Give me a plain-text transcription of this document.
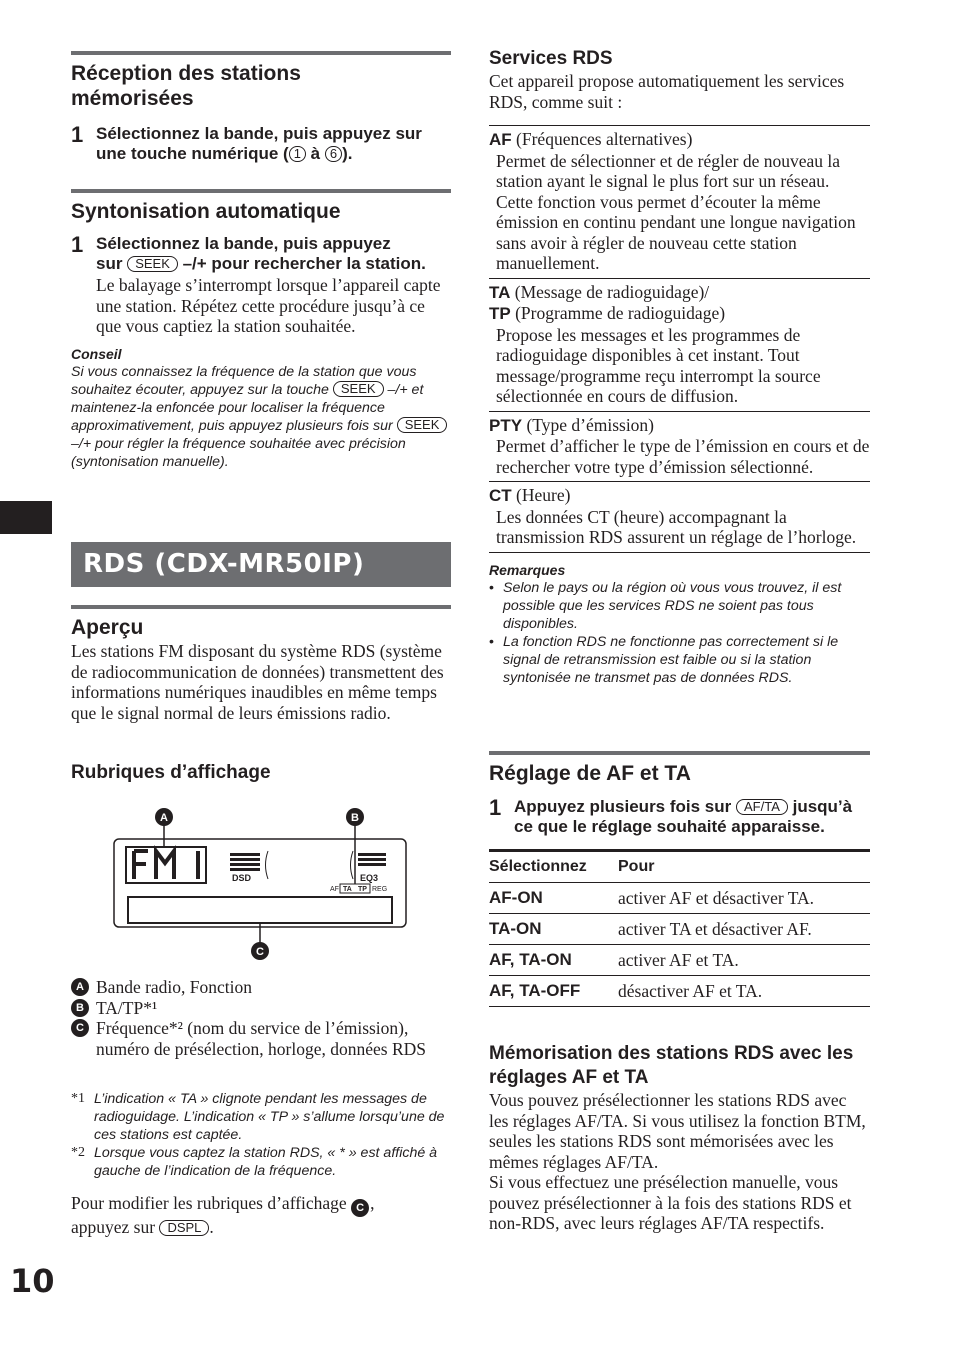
Réception des stations
mémorisées
1 Sélectionnez la bande, puis appuyez sur une touche numérique ( 1 à 6 ).
Syntonisation automatique
1 Sélectionnez la bande, puis appuyez
sur SEEK –/+ pour rechercher la station.
Le balayage s’interrompt lorsque l’appareil capte une station. Répétez cette procédure jusqu’à ce que vous captiez la station souhaitée.
Conseil
Si vous connaissez la fréquence de la station que vous souhaitez écouter, appuyez sur la touche SEEK –/+ et maintenez-la enfoncée pour localiser la fréquence approximativement, puis appuyez plusieurs fois sur SEEK –/+ pour régler la fréquence souhaitée avec précision (syntonisation manuelle).
RDS (CDX-MR50IP)
Aperçu
Les stations FM disposant du système RDS (système de radiocommunication de données) transmettent des informations numériques inaudibles en même temps que le signal normal de leurs émissions radio.
Rubriques d’affichage
DSD	EQ3
AF TA TP REG
A	B
C
A Bande radio, Fonction
B TA/TP*¹
C Fréquence*² (nom du service de l’émission), numéro de présélection, horloge, données RDS
*1 L’indication « TA » clignote pendant les messages de radioguidage. L’indication « TP » s’allume lorsqu’une de ces stations est captée.
*2 Lorsque vous captez la station RDS, « * » est affiché à gauche de l’indication de la fréquence.
Pour modifier les rubriques d’affichage C ,
appuyez sur DSPL .
Services RDS
Cet appareil propose automatiquement les services RDS, comme suit :
AF (Fréquences alternatives)
Permet de sélectionner et de régler de nouveau la station ayant le signal le plus fort sur un réseau. Cette fonction vous permet d’écouter la même émission en continu pendant une longue navigation sans avoir à régler de nouveau cette station manuellement.
TA (Message de radioguidage)/
TP (Programme de radioguidage)
Propose les messages et les programmes de radioguidage disponibles à cet instant. Tout message/programme reçu interrompt la source sélectionnée en cours de diffusion.
PTY (Type d’émission)
Permet d’afficher le type de l’émission en cours et de rechercher votre type d’émission sélectionné.
CT (Heure)
Les données CT (heure) accompagnant la transmission RDS assurent un réglage de l’horloge.
Remarques
• Selon le pays ou la région où vous vous trouvez, il est possible que les services RDS ne soient pas tous disponibles.
• La fonction RDS ne fonctionne pas correctement si le signal de retransmission est faible ou si la station syntonisée ne transmet pas de données RDS.
Réglage de AF et TA
1 Appuyez plusieurs fois sur AF/TA jusqu’à ce que le réglage souhaité apparaisse.
Sélectionnez	Pour
AF-ON	activer AF et désactiver TA.
TA-ON	activer TA et désactiver AF.
AF, TA-ON	activer AF et TA.
AF, TA-OFF	désactiver AF et TA.
Mémorisation des stations RDS avec les réglages AF et TA
Vous pouvez présélectionner les stations RDS avec les réglages AF/TA. Si vous utilisez la fonction BTM, seules les stations RDS sont mémorisées avec les mêmes réglages AF/TA.
Si vous effectuez une présélection manuelle, vous pouvez présélectionner à la fois des stations RDS et non-RDS, avec leurs réglages AF/TA respectifs.
10
